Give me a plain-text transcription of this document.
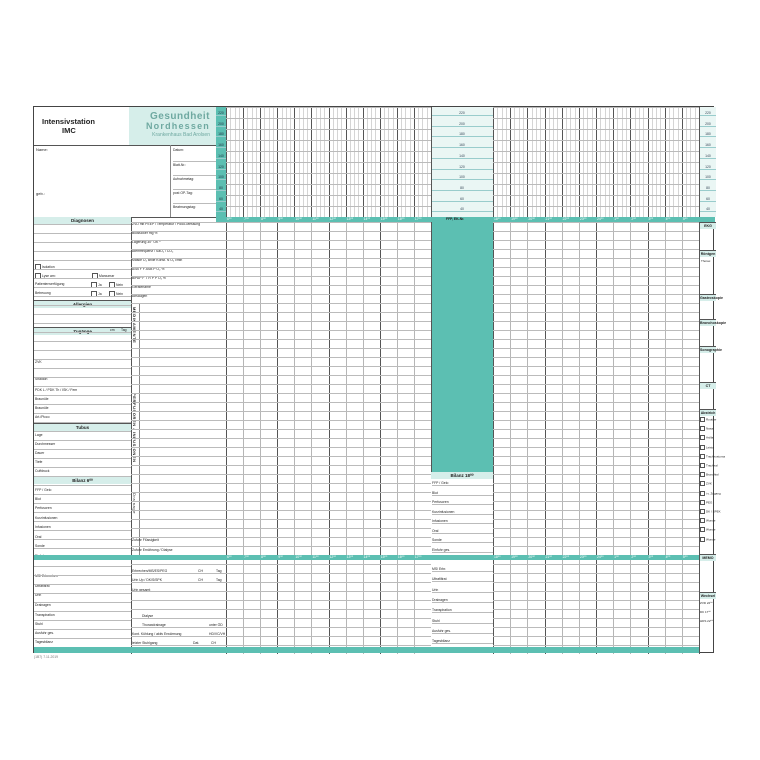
Intensivstation
IMC
Gesundheit
Nordhessen
Krankenhaus Bad Arolsen
Name:
geb.:
Datum:
Blatt-Nr.:
Aufnahmetag:
post OP-Tag:
Beatmungstag:
220
200
180
160
140
120
100
80
60
40
220
200
180
160
140
120
100
80
60
40
220
200
180
160
140
120
100
80
60
40
6⁰⁰	7⁰⁰	8⁰⁰	9⁰⁰	10⁰⁰	11⁰⁰	12⁰⁰	13⁰⁰	14⁰⁰	15⁰⁰	16⁰⁰	17⁰⁰	18⁰⁰	19⁰⁰	20⁰⁰	21⁰⁰	22⁰⁰	23⁰⁰	24⁰⁰	1⁰⁰	2⁰⁰	3⁰⁰	4⁰⁰	5⁰⁰
FFP, EK-Nr.
Diagnosen
Isolation
Lyse am:	Marcumar
Patientenverfügung	Ja	Nein
Betreuung	Ja	Nein
Allergien
Zugänge	cm Tag
ZVK
Shaldon
PDK L / PDK Th / ISK / Fem
Braunüle
Braunüle
Art./Picco
Tubus
Lage
Durchmesser
Dauer
Tiefe
Cuffdruck
Bilanz 6⁰⁰
FFP / Gelo
Blut
Perfusoren
Kurzinfusionen
Infusionen
Oral
Sonde
MS/ Erbrechen
Ultrafiltrat
Urin
Drainagen
Transpiration
Stuhl
Ausfuhr ges.
Tagesbilanz
MEDIKAMENTE
PERFUSOREN / INFUSIONEN
Drainage
ZVD mit PEEP / Temperatur / Picco-Messung
Blutzucker mg %
Lagerung 30° OK ⁰
Atemfrequenz / SaO₂ / CO₂
Maske O₂ Brille Konst. N O₂ l/min
ASB F F ASB P O₂ %
BiPAP F T R P P O₂ %
Gerätename
Absaugen
Zufuhr Flüssigkeit
Zufuhr Ernährung / Dialyse
Erbrechen/MS/ES/PEG	CH	Tag
Urin Up / DK/S/SPK	CH	Tag
Urin gesamt
Dialyse
Thoraxdrainage	unter ÖD
Kont. Kühlung / aktiv Erwärmung	HD/VC/VH
letzter Stuhlgang	Dat.	CH
Bilanz 18⁰⁰
FFP / Gelo
Blut
Perfusoren
Kurzinfusionen
Infusionen
Oral
Sonde
Einfuhr ges.
MS/ Erbr.
Ultrafiltrat
Urin
Drainagen
Transpiration
Stuhl
Ausfuhr ges.
Tagesbilanz
6⁰⁰	7⁰⁰	8⁰⁰	9⁰⁰	10⁰⁰	11⁰⁰	12⁰⁰	13⁰⁰	14⁰⁰	15⁰⁰	16⁰⁰	17⁰⁰	18⁰⁰	19⁰⁰	20⁰⁰	21⁰⁰	22⁰⁰	23⁰⁰	24⁰⁰	1⁰⁰	2⁰⁰	3⁰⁰	4⁰⁰	5⁰⁰
EKG
Röntgen
Thorax
Gastroskopie
Bronchoskopie
Sonographie
CT
Abstrich
Routine
Nasal
Axilla
Leiste
Tracheostoma
Tracheal
Bronchial
ZVK
i.v. Zugang
PEG
DK / SPEK
Wunde
Wunde
Wunde
MEMO
Wechsel
ZVD 22⁰⁰
DK 17⁰⁰
HDS 22⁰⁰
(1B7) 7.11.2019
